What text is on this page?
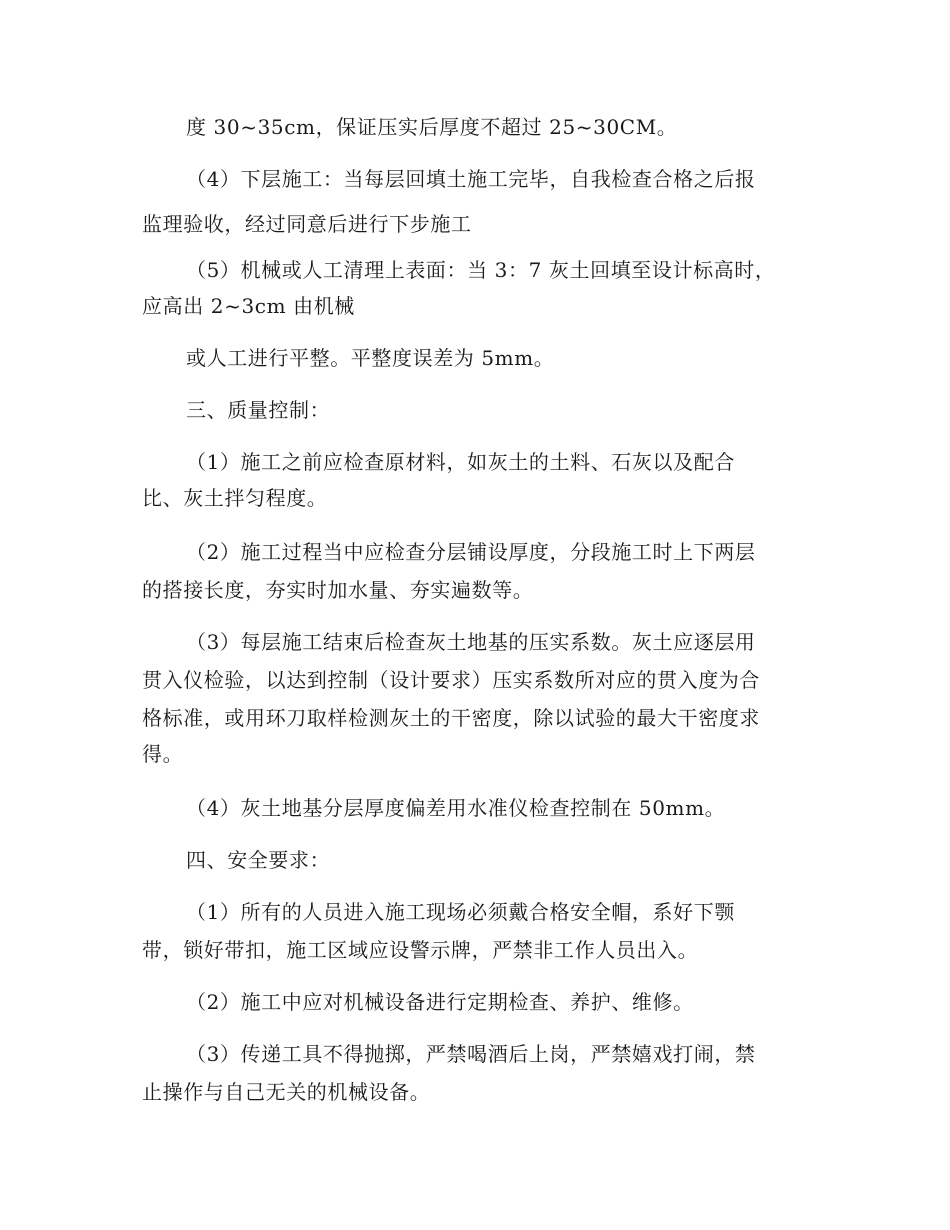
度 30~35cm，保证压实后厚度不超过 25~30CM。
（4）下层施工：当每层回填土施工完毕，自我检查合格之后报
监理验收，经过同意后进行下步施工
（5）机械或人工清理上表面：当 3：7 灰土回填至设计标高时，
应高出 2~3cm 由机械
或人工进行平整。平整度误差为 5mm。
三、质量控制：
（1）施工之前应检查原材料，如灰土的土料、石灰以及配合
比、灰土拌匀程度。
（2）施工过程当中应检查分层铺设厚度，分段施工时上下两层
的搭接长度，夯实时加水量、夯实遍数等。
（3）每层施工结束后检查灰土地基的压实系数。灰土应逐层用
贯入仪检验，以达到控制（设计要求）压实系数所对应的贯入度为合
格标准，或用环刀取样检测灰土的干密度，除以试验的最大干密度求
得。
（4）灰土地基分层厚度偏差用水准仪检查控制在 50mm。
四、安全要求：
（1）所有的人员进入施工现场必须戴合格安全帽，系好下颚
带，锁好带扣，施工区域应设警示牌，严禁非工作人员出入。
（2）施工中应对机械设备进行定期检查、养护、维修。
（3）传递工具不得抛掷，严禁喝酒后上岗，严禁嬉戏打闹，禁
止操作与自己无关的机械设备。
